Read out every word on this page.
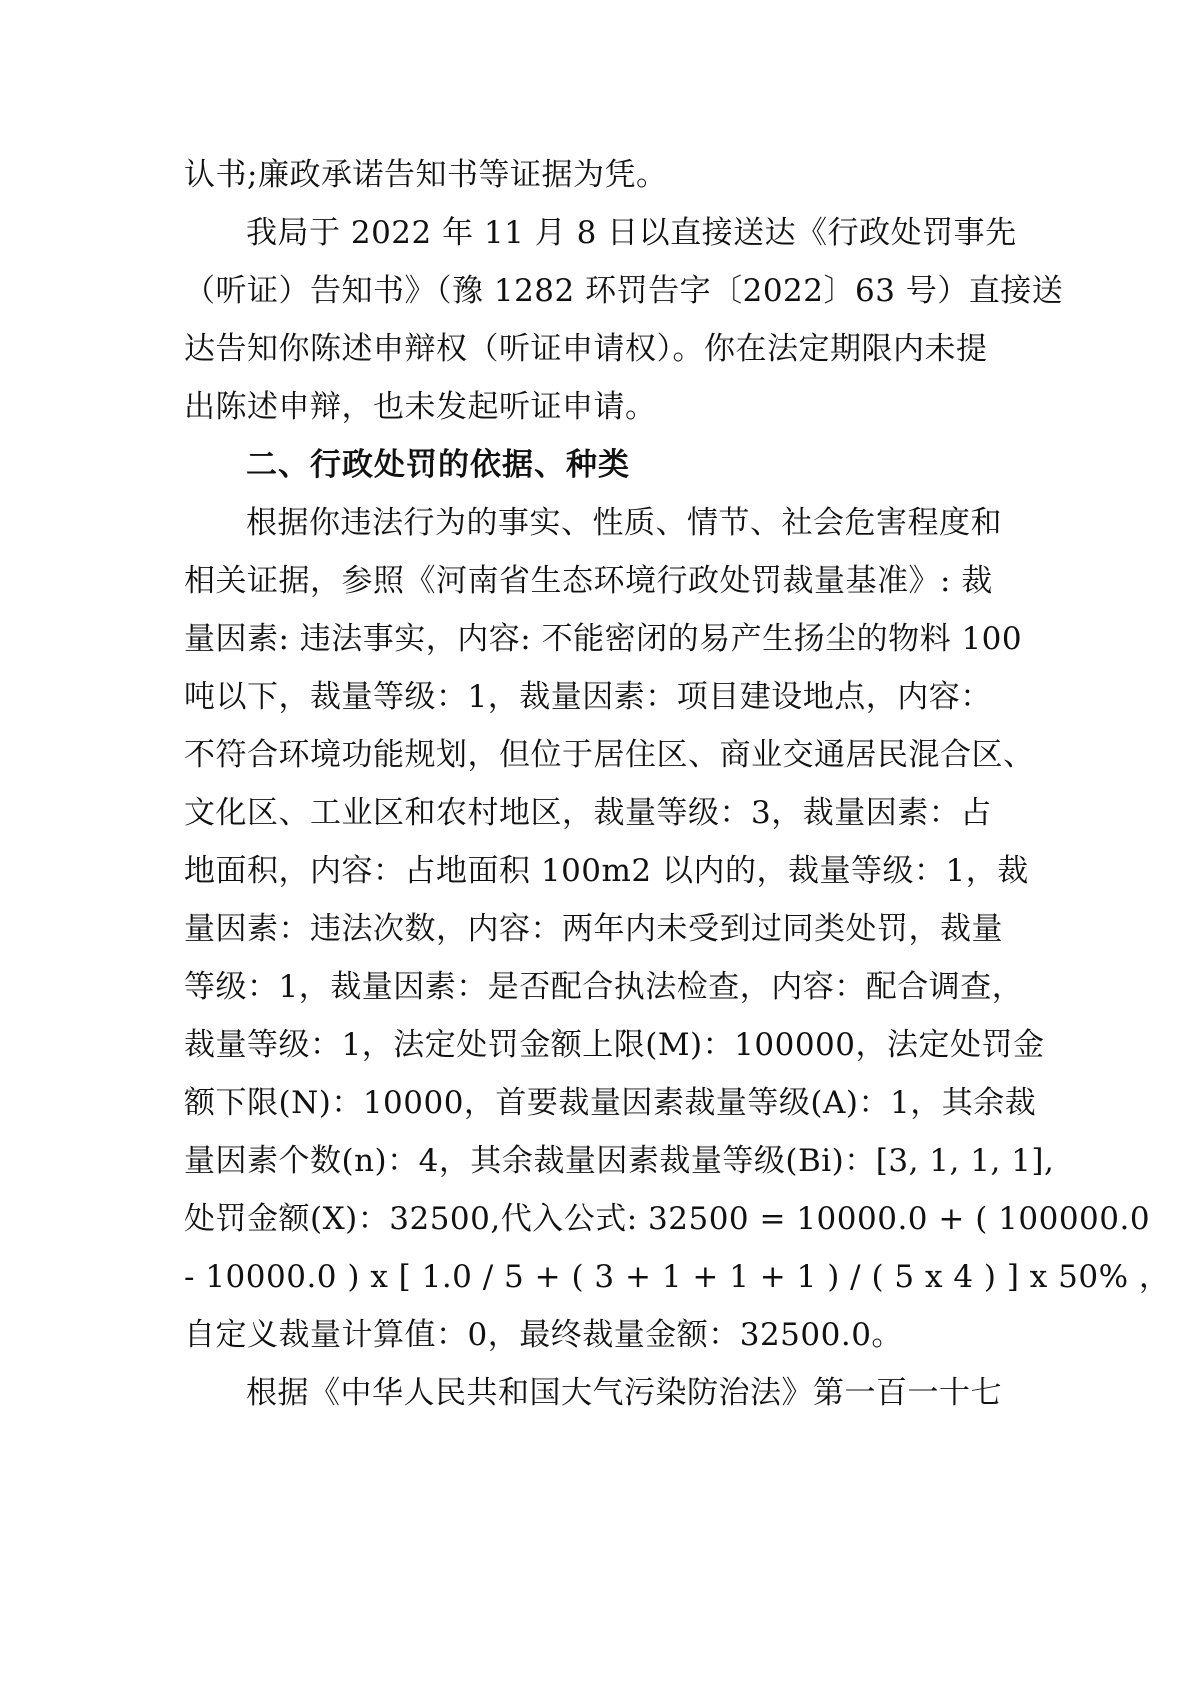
认书;廉政承诺告知书等证据为凭。
我局于 2022 年 11 月 8 日以直接送达《行政处罚事先
（听证）告知书》（豫 1282 环罚告字〔2022〕63 号）直接送
达告知你陈述申辩权（听证申请权）。你在法定期限内未提
出陈述申辩，也未发起听证申请。
二、行政处罚的依据、种类
根据你违法行为的事实、性质、情节、社会危害程度和
相关证据，参照《河南省生态环境行政处罚裁量基准》: 裁
量因素: 违法事实，内容: 不能密闭的易产生扬尘的物料 100
吨以下，裁量等级：1，裁量因素：项目建设地点，内容：
不符合环境功能规划，但位于居住区、商业交通居民混合区、
文化区、工业区和农村地区，裁量等级：3，裁量因素：占
地面积，内容：占地面积 100m2 以内的，裁量等级：1，裁
量因素：违法次数，内容：两年内未受到过同类处罚，裁量
等级：1，裁量因素：是否配合执法检查，内容：配合调查，
裁量等级：1，法定处罚金额上限(M)：100000，法定处罚金
额下限(N)：10000，首要裁量因素裁量等级(A)：1，其余裁
量因素个数(n)：4，其余裁量因素裁量等级(Bi)：[3, 1, 1, 1],
处罚金额(X)：32500,代入公式: 32500 = 10000.0 + ( 100000.0
- 10000.0 ) x [ 1.0 / 5 + ( 3 + 1 + 1 + 1 ) / ( 5 x 4 ) ] x 50% ，
自定义裁量计算值：0，最终裁量金额：32500.0。
根据《中华人民共和国大气污染防治法》第一百一十七
